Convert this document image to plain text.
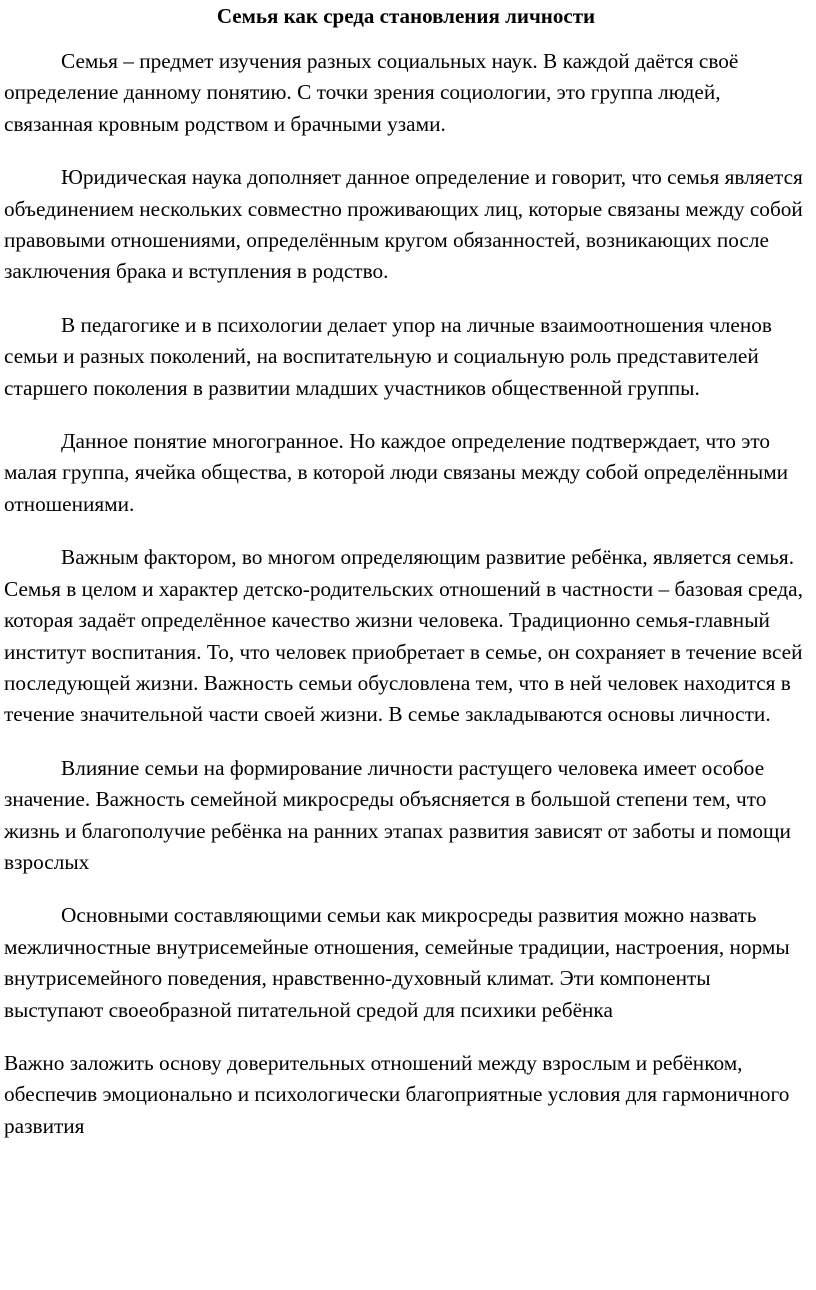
Семья как среда становления личности

Семья – предмет изучения разных социальных наук. В каждой даётся своё определение данному понятию. С точки зрения социологии, это группа людей, связанная кровным родством и брачными узами.

Юридическая наука дополняет данное определение и говорит, что семья является объединением нескольких совместно проживающих лиц, которые связаны между собой правовыми отношениями, определённым кругом обязанностей, возникающих после заключения брака и вступления в родство.

В педагогике и в психологии делает упор на личные взаимоотношения членов семьи и разных поколений, на воспитательную и социальную роль представителей старшего поколения в развитии младших участников общественной группы.

Данное понятие многогранное. Но каждое определение подтверждает, что это малая группа, ячейка общества, в которой люди связаны между собой определёнными отношениями.

Важным фактором, во многом определяющим развитие ребёнка, является семья. Семья в целом и характер детско-родительских отношений в частности – базовая среда, которая задаёт определённое качество жизни человека. Традиционно семья-главный институт воспитания. То, что человек приобретает в семье, он сохраняет в течение всей последующей жизни. Важность семьи обусловлена тем, что в ней человек находится в течение значительной части своей жизни. В семье закладываются основы личности.

Влияние семьи на формирование личности растущего человека имеет особое значение. Важность семейной микросреды объясняется в большой степени тем, что жизнь и благополучие ребёнка на ранних этапах развития зависят от заботы и помощи взрослых

Основными составляющими семьи как микросреды развития можно назвать межличностные внутрисемейные отношения, семейные традиции, настроения, нормы внутрисемейного поведения, нравственно-духовный климат. Эти компоненты выступают своеобразной питательной средой для психики ребёнка

Важно заложить основу доверительных отношений между взрослым и ребёнком, обеспечив эмоционально и психологически благоприятные условия для гармоничного развития
